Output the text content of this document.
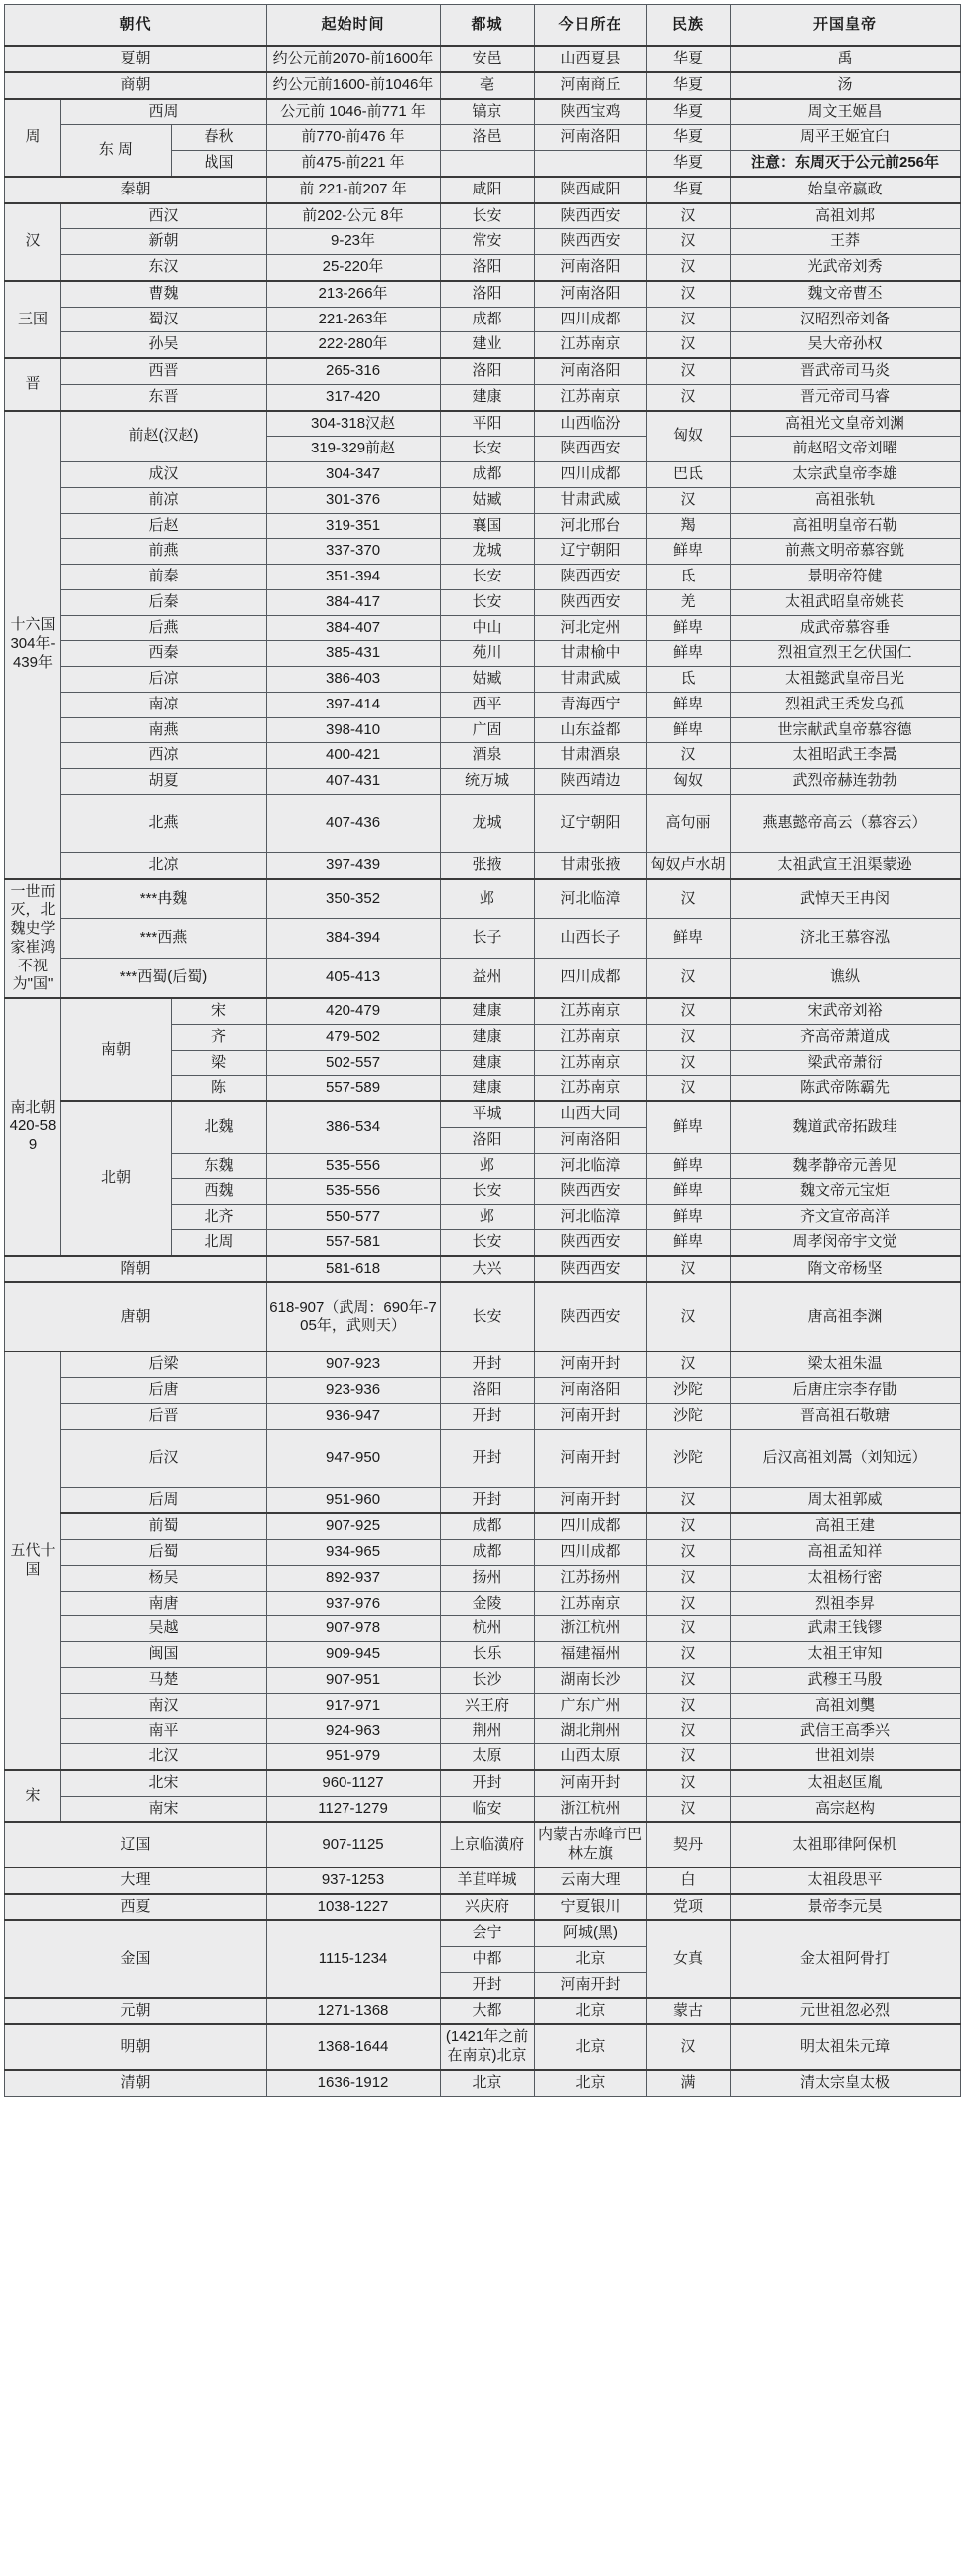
朝代			起始时间	都城	今日所在	民族	开国皇帝
夏朝			约公元前2070-前1600年	安邑	山西夏县	华夏	禹
商朝			约公元前1600-前1046年	亳	河南商丘	华夏	汤
周	西周		公元前 1046-前771 年	镐京	陕西宝鸡	华夏	周文王姬昌
	东 周	春秋	前770-前476 年	洛邑	河南洛阳	华夏	周平王姬宜臼
		战国	前475-前221 年			华夏	注意：东周灭于公元前256年
秦朝			前 221-前207 年	咸阳	陕西咸阳	华夏	始皇帝嬴政
汉	西汉		前202-公元 8年	长安	陕西西安	汉	高祖刘邦
	新朝		9-23年	常安	陕西西安	汉	王莽
	东汉		25-220年	洛阳	河南洛阳	汉	光武帝刘秀
三国	曹魏		213-266年	洛阳	河南洛阳	汉	魏文帝曹丕
	蜀汉		221-263年	成都	四川成都	汉	汉昭烈帝刘备
	孙吴		222-280年	建业	江苏南京	汉	吴大帝孙权
晋	西晋		265-316	洛阳	河南洛阳	汉	晋武帝司马炎
	东晋		317-420	建康	江苏南京	汉	晋元帝司马睿
十六国 304年-439年	前赵(汉赵)		304-318汉赵	平阳	山西临汾	匈奴	高祖光文皇帝刘渊
			319-329前赵	长安	陕西西安		前赵昭文帝刘曜
	成汉		304-347	成都	四川成都	巴氐	太宗武皇帝李雄
	前凉		301-376	姑臧	甘肃武威	汉	高祖张轨
	后赵		319-351	襄国	河北邢台	羯	高祖明皇帝石勒
	前燕		337-370	龙城	辽宁朝阳	鲜卑	前燕文明帝慕容皝
	前秦		351-394	长安	陕西西安	氐	景明帝符健
	后秦		384-417	长安	陕西西安	羌	太祖武昭皇帝姚苌
	后燕		384-407	中山	河北定州	鲜卑	成武帝慕容垂
	西秦		385-431	苑川	甘肃榆中	鲜卑	烈祖宣烈王乞伏国仁
	后凉		386-403	姑臧	甘肃武威	氐	太祖懿武皇帝吕光
	南凉		397-414	西平	青海西宁	鲜卑	烈祖武王秃发乌孤
	南燕		398-410	广固	山东益都	鲜卑	世宗献武皇帝慕容德
	西凉		400-421	酒泉	甘肃酒泉	汉	太祖昭武王李暠
	胡夏		407-431	统万城	陕西靖边	匈奴	武烈帝赫连勃勃
	北燕		407-436	龙城	辽宁朝阳	高句丽	燕惠懿帝高云（慕容云）
	北凉		397-439	张掖	甘肃张掖	匈奴卢水胡	太祖武宣王沮渠蒙逊
一世而灭，北魏史学家崔鸿不视为"国"	***冉魏		350-352	邺	河北临漳	汉	武悼天王冉闵
	***西燕		384-394	长子	山西长子	鲜卑	济北王慕容泓
	***西蜀(后蜀)		405-413	益州	四川成都	汉	谯纵
南北朝 420-589	南朝	宋	420-479	建康	江苏南京	汉	宋武帝刘裕
		齐	479-502	建康	江苏南京	汉	齐高帝萧道成
		梁	502-557	建康	江苏南京	汉	梁武帝萧衍
		陈	557-589	建康	江苏南京	汉	陈武帝陈霸先
	北朝	北魏	386-534	平城	山西大同	鲜卑	魏道武帝拓跋珪
				洛阳	河南洛阳		
		东魏	535-556	邺	河北临漳	鲜卑	魏孝静帝元善见
		西魏	535-556	长安	陕西西安	鲜卑	魏文帝元宝炬
		北齐	550-577	邺	河北临漳	鲜卑	齐文宣帝高洋
		北周	557-581	长安	陕西西安	鲜卑	周孝闵帝宇文觉
隋朝			581-618	大兴	陕西西安	汉	隋文帝杨坚
唐朝			618-907（武周：690年-705年，武则天）	长安	陕西西安	汉	唐高祖李渊
五代十国	后梁		907-923	开封	河南开封	汉	梁太祖朱温
	后唐		923-936	洛阳	河南洛阳	沙陀	后唐庄宗李存勖
	后晋		936-947	开封	河南开封	沙陀	晋高祖石敬瑭
	后汉		947-950	开封	河南开封	沙陀	后汉高祖刘暠（刘知远）
	后周		951-960	开封	河南开封	汉	周太祖郭威
	前蜀		907-925	成都	四川成都	汉	高祖王建
	后蜀		934-965	成都	四川成都	汉	高祖孟知祥
	杨吴		892-937	扬州	江苏扬州	汉	太祖杨行密
	南唐		937-976	金陵	江苏南京	汉	烈祖李昇
	吴越		907-978	杭州	浙江杭州	汉	武肃王钱镠
	闽国		909-945	长乐	福建福州	汉	太祖王审知
	马楚		907-951	长沙	湖南长沙	汉	武穆王马殷
	南汉		917-971	兴王府	广东广州	汉	高祖刘龑
	南平		924-963	荆州	湖北荆州	汉	武信王高季兴
	北汉		951-979	太原	山西太原	汉	世祖刘崇
宋	北宋		960-1127	开封	河南开封	汉	太祖赵匡胤
	南宋		1127-1279	临安	浙江杭州	汉	高宗赵构
辽国			907-1125	上京临潢府	内蒙古赤峰市巴林左旗	契丹	太祖耶律阿保机
大理			937-1253	羊苴咩城	云南大理	白	太祖段思平
西夏			1038-1227	兴庆府	宁夏银川	党项	景帝李元昊
金国			1115-1234	会宁	阿城(黑)	女真	金太祖阿骨打
				中都	北京		
				开封	河南开封		
元朝			1271-1368	大都	北京	蒙古	元世祖忽必烈
明朝			1368-1644	(1421年之前在南京)北京	北京	汉	明太祖朱元璋
清朝			1636-1912	北京	北京	满	清太宗皇太极
